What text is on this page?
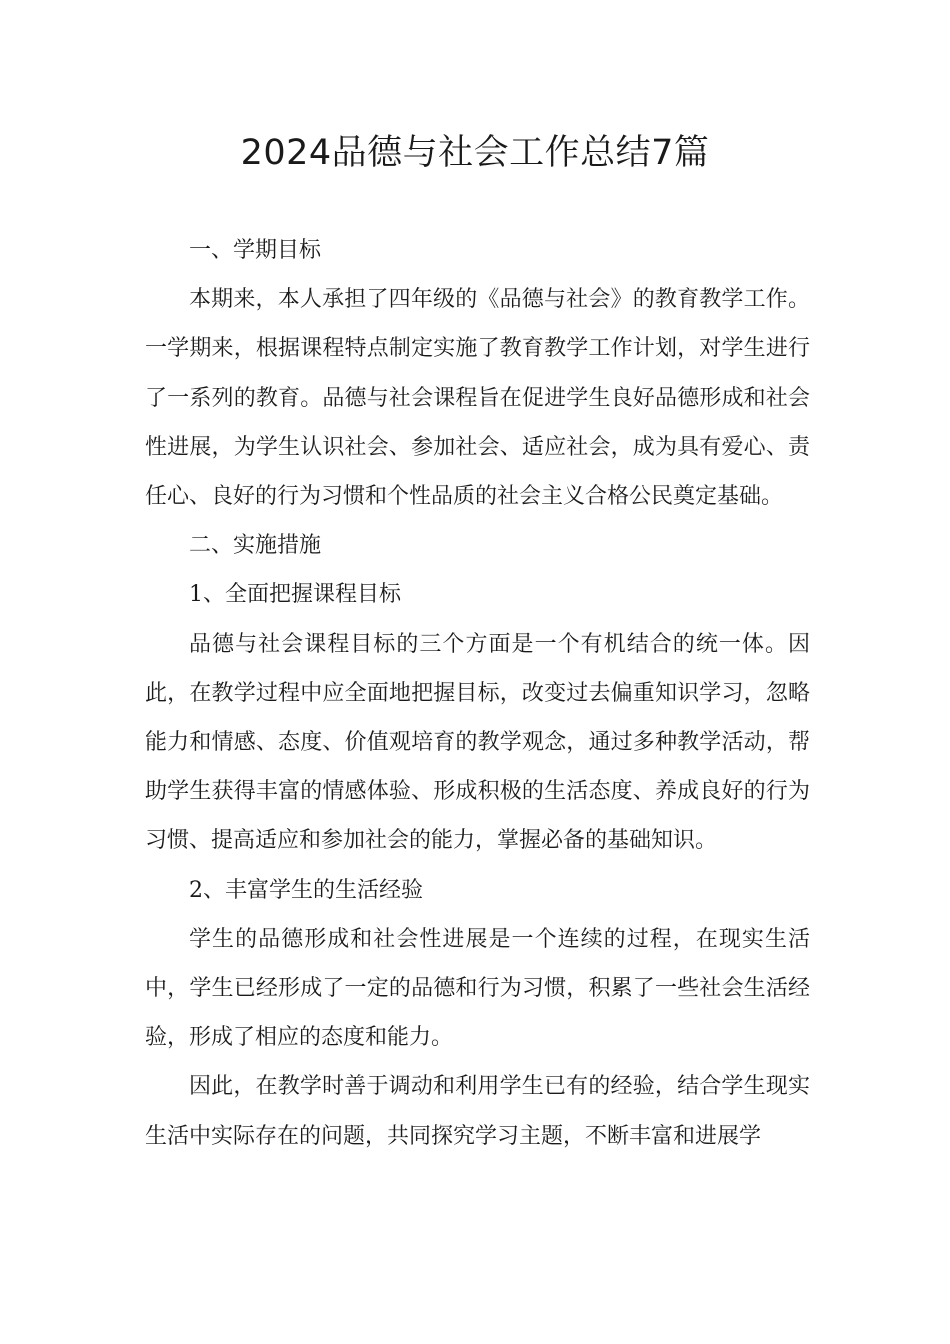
2024品德与社会工作总结7篇

一、学期目标

本期来，本人承担了四年级的《品德与社会》的教育教学工作。一学期来，根据课程特点制定实施了教育教学工作计划，对学生进行了一系列的教育。品德与社会课程旨在促进学生良好品德形成和社会性进展，为学生认识社会、参加社会、适应社会，成为具有爱心、责任心、良好的行为习惯和个性品质的社会主义合格公民奠定基础。

二、实施措施

1、全面把握课程目标

品德与社会课程目标的三个方面是一个有机结合的统一体。因此，在教学过程中应全面地把握目标，改变过去偏重知识学习，忽略能力和情感、态度、价值观培育的教学观念，通过多种教学活动，帮助学生获得丰富的情感体验、形成积极的生活态度、养成良好的行为习惯、提高适应和参加社会的能力，掌握必备的基础知识。

2、丰富学生的生活经验

学生的品德形成和社会性进展是一个连续的过程，在现实生活中，学生已经形成了一定的品德和行为习惯，积累了一些社会生活经验，形成了相应的态度和能力。

因此，在教学时善于调动和利用学生已有的经验，结合学生现实生活中实际存在的问题，共同探究学习主题，不断丰富和进展学
